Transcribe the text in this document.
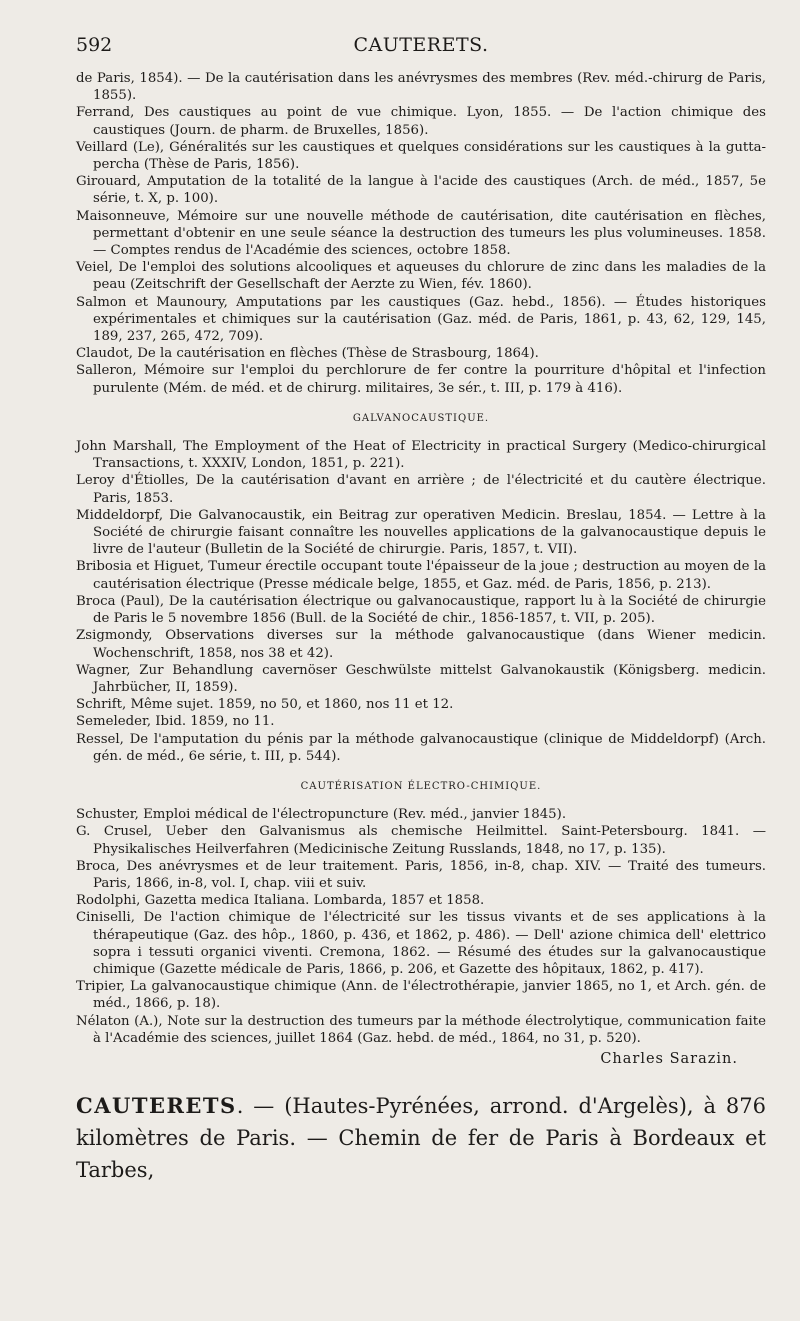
592	CAUTERETS.

de Paris, 1854). — De la cautérisation dans les anévrysmes des membres (Rev. méd.-chirurg de Paris, 1855).

Ferrand, Des caustiques au point de vue chimique. Lyon, 1855. — De l'action chimique des caustiques (Journ. de pharm. de Bruxelles, 1856).

Veillard (Le), Généralités sur les caustiques et quelques considérations sur les caustiques à la gutta-percha (Thèse de Paris, 1856).

Girouard, Amputation de la totalité de la langue à l'acide des caustiques (Arch. de méd., 1857, 5e série, t. X, p. 100).

Maisonneuve, Mémoire sur une nouvelle méthode de cautérisation, dite cautérisation en flèches, permettant d'obtenir en une seule séance la destruction des tumeurs les plus volumineuses. 1858. — Comptes rendus de l'Académie des sciences, octobre 1858.

Veiel, De l'emploi des solutions alcooliques et aqueuses du chlorure de zinc dans les maladies de la peau (Zeitschrift der Gesellschaft der Aerzte zu Wien, fév. 1860).

Salmon et Maunoury, Amputations par les caustiques (Gaz. hebd., 1856). — Études historiques expérimentales et chimiques sur la cautérisation (Gaz. méd. de Paris, 1861, p. 43, 62, 129, 145, 189, 237, 265, 472, 709).

Claudot, De la cautérisation en flèches (Thèse de Strasbourg, 1864).

Salleron, Mémoire sur l'emploi du perchlorure de fer contre la pourriture d'hôpital et l'infection purulente (Mém. de méd. et de chirurg. militaires, 3e sér., t. III, p. 179 à 416).

GALVANOCAUSTIQUE.

John Marshall, The Employment of the Heat of Electricity in practical Surgery (Medico-chirurgical Transactions, t. XXXIV, London, 1851, p. 221).

Leroy d'Étiolles, De la cautérisation d'avant en arrière ; de l'électricité et du cautère électrique. Paris, 1853.

Middeldorpf, Die Galvanocaustik, ein Beitrag zur operativen Medicin. Breslau, 1854. — Lettre à la Société de chirurgie faisant connaître les nouvelles applications de la galvanocaustique depuis le livre de l'auteur (Bulletin de la Société de chirurgie. Paris, 1857, t. VII).

Bribosia et Higuet, Tumeur érectile occupant toute l'épaisseur de la joue ; destruction au moyen de la cautérisation électrique (Presse médicale belge, 1855, et Gaz. méd. de Paris, 1856, p. 213).

Broca (Paul), De la cautérisation électrique ou galvanocaustique, rapport lu à la Société de chirurgie de Paris le 5 novembre 1856 (Bull. de la Société de chir., 1856-1857, t. VII, p. 205).

Zsigmondy, Observations diverses sur la méthode galvanocaustique (dans Wiener medicin. Wochenschrift, 1858, nos 38 et 42).

Wagner, Zur Behandlung cavernöser Geschwülste mittelst Galvanokaustik (Königsberg. medicin. Jahrbücher, II, 1859).

Schrift, Même sujet. 1859, no 50, et 1860, nos 11 et 12.

Semeleder, Ibid. 1859, no 11.

Ressel, De l'amputation du pénis par la méthode galvanocaustique (clinique de Middeldorpf) (Arch. gén. de méd., 6e série, t. III, p. 544).

CAUTÉRISATION ÉLECTRO-CHIMIQUE.

Schuster, Emploi médical de l'électropuncture (Rev. méd., janvier 1845).

G. Crusel, Ueber den Galvanismus als chemische Heilmittel. Saint-Petersbourg. 1841. — Physikalisches Heilverfahren (Medicinische Zeitung Russlands, 1848, no 17, p. 135).

Broca, Des anévrysmes et de leur traitement. Paris, 1856, in-8, chap. XIV. — Traité des tumeurs. Paris, 1866, in-8, vol. I, chap. viii et suiv.

Rodolphi, Gazetta medica Italiana. Lombarda, 1857 et 1858.

Ciniselli, De l'action chimique de l'électricité sur les tissus vivants et de ses applications à la thérapeutique (Gaz. des hôp., 1860, p. 436, et 1862, p. 486). — Dell' azione chimica dell' elettrico sopra i tessuti organici viventi. Cremona, 1862. — Résumé des études sur la galvanocaustique chimique (Gazette médicale de Paris, 1866, p. 206, et Gazette des hôpitaux, 1862, p. 417).

Tripier, La galvanocaustique chimique (Ann. de l'électrothérapie, janvier 1865, no 1, et Arch. gén. de méd., 1866, p. 18).

Nélaton (A.), Note sur la destruction des tumeurs par la méthode électrolytique, communication faite à l'Académie des sciences, juillet 1864 (Gaz. hebd. de méd., 1864, no 31, p. 520).

Charles Sarazin.
CAUTERETS. — (Hautes-Pyrénées, arrond. d'Argelès), à 876 kilomètres de Paris. — Chemin de fer de Paris à Bordeaux et Tarbes,
